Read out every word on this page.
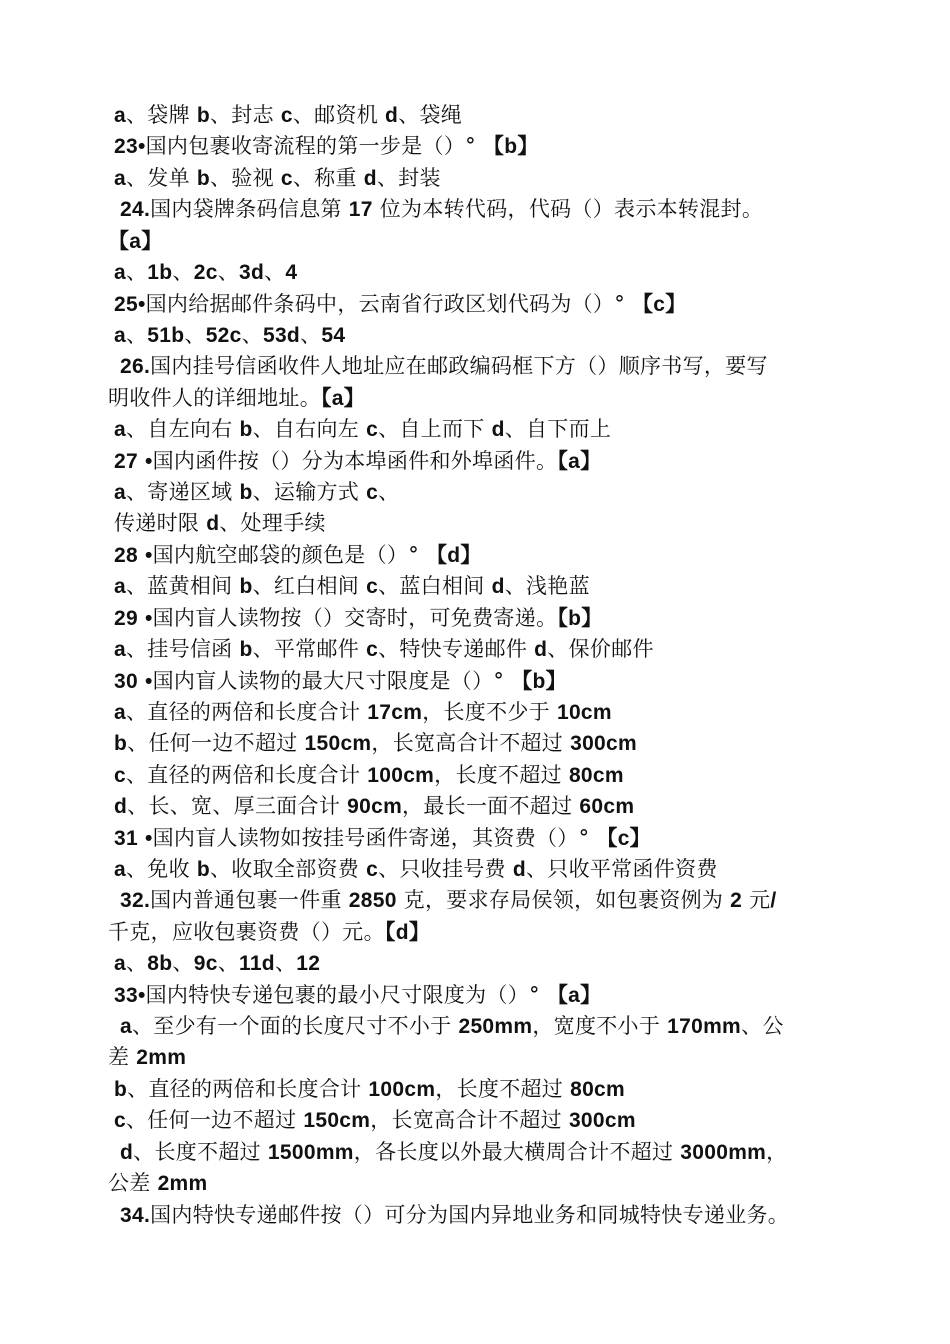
a、袋牌 b、封志 c、邮资机 d、袋绳
23•国内包裹收寄流程的第一步是（）° 【b】
a、发单 b、验视 c、称重 d、封装
24.国内袋牌条码信息第 17 位为本转代码，代码（）表示本转混封。
【a】
a、1b、2c、3d、4
25•国内给据邮件条码中，云南省行政区划代码为（）° 【c】
a、51b、52c、53d、54
26.国内挂号信函收件人地址应在邮政编码框下方（）顺序书写，要写
明收件人的详细地址。【a】
a、自左向右 b、自右向左 c、自上而下 d、自下而上
27 •国内函件按（）分为本埠函件和外埠函件。【a】
a、寄递区域 b、运输方式 c、
传递时限 d、处理手续
28 •国内航空邮袋的颜色是（）° 【d】
a、蓝黄相间 b、红白相间 c、蓝白相间 d、浅艳蓝
29 •国内盲人读物按（）交寄时，可免费寄递。【b】
a、挂号信函 b、平常邮件 c、特快专递邮件 d、保价邮件
30 •国内盲人读物的最大尺寸限度是（）° 【b】
a、直径的两倍和长度合计 17cm，长度不少于 10cm
b、任何一边不超过 150cm，长宽高合计不超过 300cm
c、直径的两倍和长度合计 100cm，长度不超过 80cm
d、长、宽、厚三面合计 90cm，最长一面不超过 60cm
31 •国内盲人读物如按挂号函件寄递，其资费（）° 【c】
a、免收 b、收取全部资费 c、只收挂号费 d、只收平常函件资费
32.国内普通包裹一件重 2850 克，要求存局侯领，如包裹资例为 2 元/
千克，应收包裹资费（）元。【d】
a、8b、9c、11d、12
33•国内特快专递包裹的最小尺寸限度为（）° 【a】
a、至少有一个面的长度尺寸不小于 250mm，宽度不小于 170mm、公
差 2mm
b、直径的两倍和长度合计 100cm，长度不超过 80cm
c、任何一边不超过 150cm，长宽高合计不超过 300cm
d、长度不超过 1500mm，各长度以外最大横周合计不超过 3000mm，
公差 2mm
34.国内特快专递邮件按（）可分为国内异地业务和同城特快专递业务。
